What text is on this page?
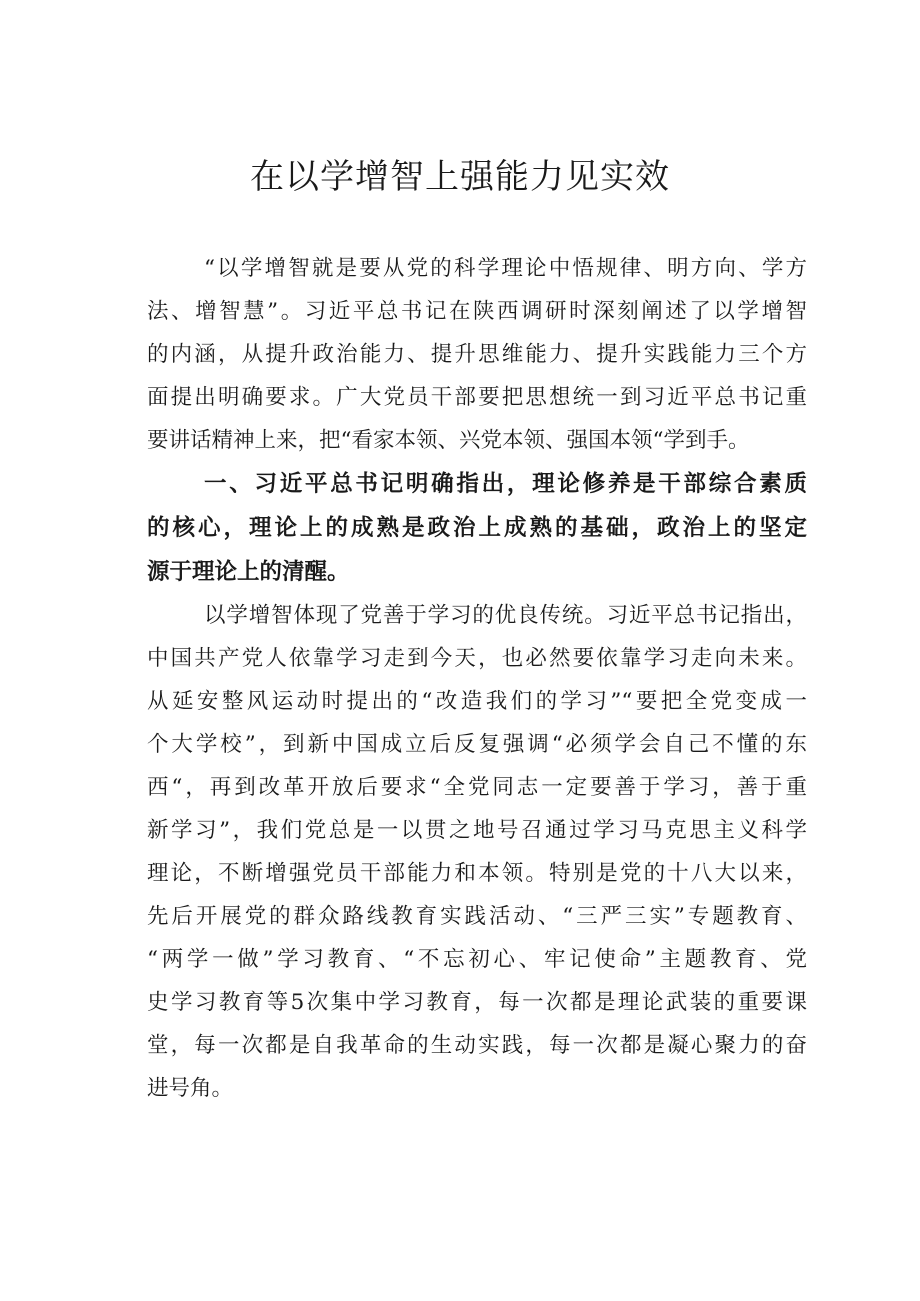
在以学增智上强能力见实效
“以学增智就是要从党的科学理论中悟规律、明方向、学方
法、增智慧”。习近平总书记在陕西调研时深刻阐述了以学增智
的内涵，从提升政治能力、提升思维能力、提升实践能力三个方
面提出明确要求。广大党员干部要把思想统一到习近平总书记重
要讲话精神上来，把“看家本领、兴党本领、强国本领“学到手。
一、习近平总书记明确指出，理论修养是干部综合素质
的核心，理论上的成熟是政治上成熟的基础，政治上的坚定
源于理论上的清醒。
以学增智体现了党善于学习的优良传统。习近平总书记指出，
中国共产党人依靠学习走到今天，也必然要依靠学习走向未来。
从延安整风运动时提出的“改造我们的学习”“要把全党变成一
个大学校”，到新中国成立后反复强调“必须学会自己不懂的东
西“，再到改革开放后要求“全党同志一定要善于学习，善于重
新学习”，我们党总是一以贯之地号召通过学习马克思主义科学
理论，不断增强党员干部能力和本领。特别是党的十八大以来，
先后开展党的群众路线教育实践活动、“三严三实”专题教育、
“两学一做”学习教育、“不忘初心、牢记使命”主题教育、党
史学习教育等5次集中学习教育，每一次都是理论武装的重要课
堂，每一次都是自我革命的生动实践，每一次都是凝心聚力的奋
进号角。
